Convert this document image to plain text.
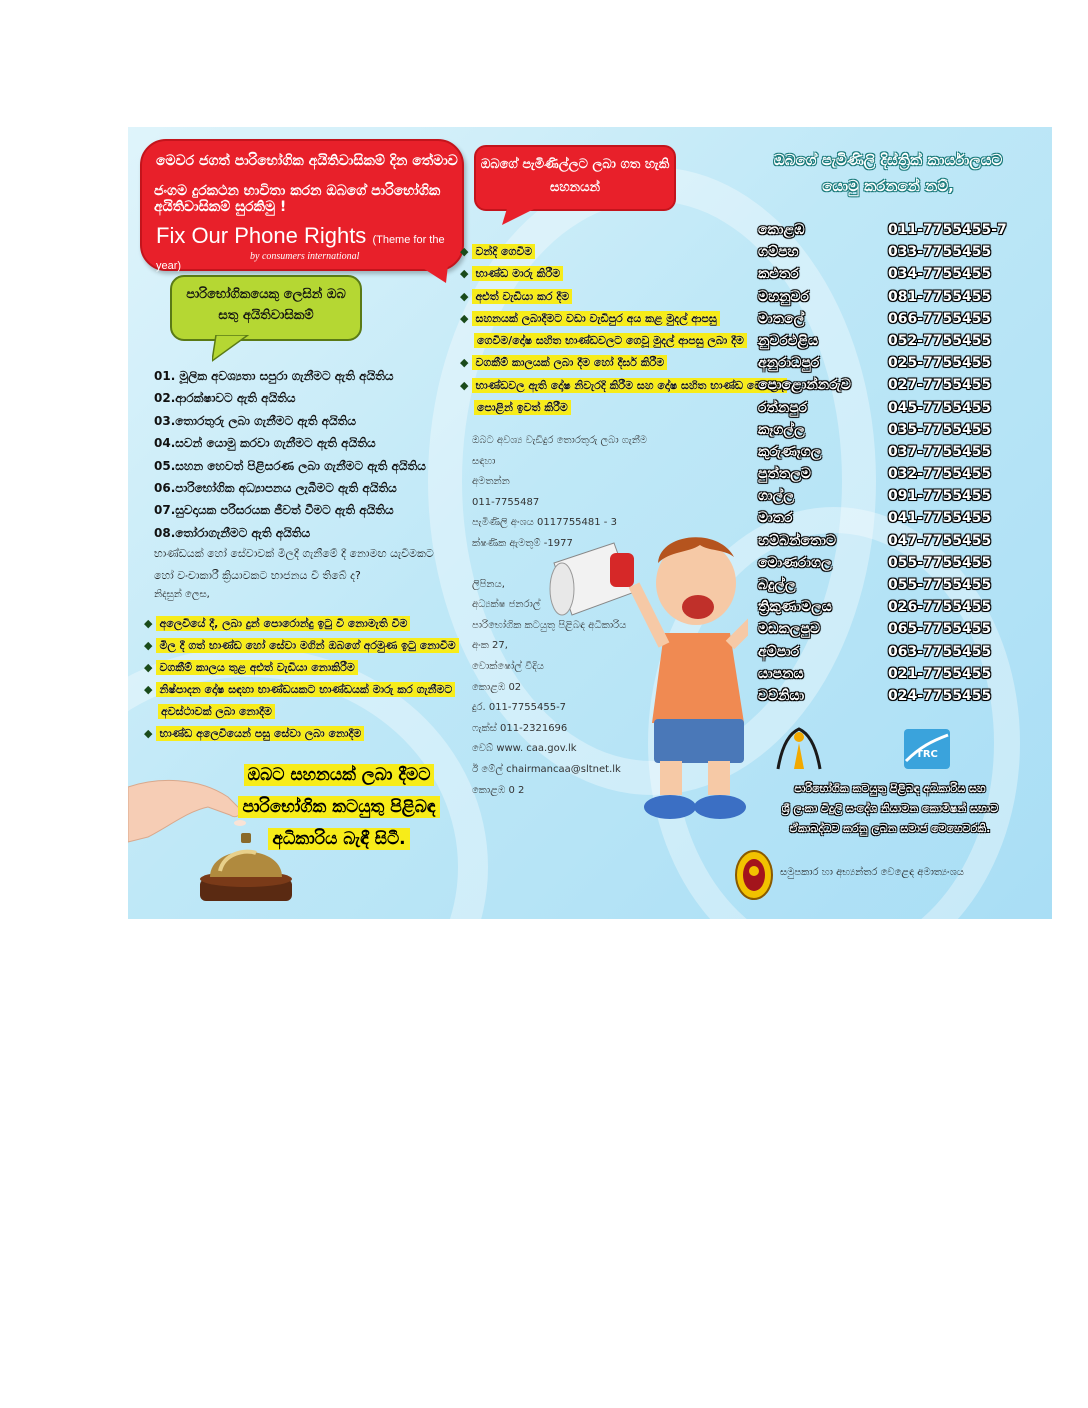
මෙවර ජගත් පාරිභෝගික අයිතිවාසිකම් දින තේමාව
ජංගම දුරකථන භාවිතා කරන ඔබගේ පාරිභෝගික අයිතිවාසිකම් සුරකිමු !
Fix Our Phone Rights (Theme for the year)
by consumers international
පාරිභෝගිකයෙකු ලෙසින් ඔබ
සතු අයිතිවාසිකම්
01. මූලික අවශ්‍යතා සපුරා ගැනීමට ඇති අයිතිය
02.ආරක්ෂාවට ඇති අයිතිය
03.තොරතුරු ලබා ගැනීමට ඇති අයිතිය
04.සවන් යොමු කරවා ගැනීමට ඇති අයිතිය
05.සහන හෙවත් පිළිසරණ ලබා ගැනීමට ඇති අයිතිය
06.පාරිභෝගික අධ්‍යාපනය ලැබීමට ඇති අයිතිය
07.සුවදායක පරිසරයක ජීවත් වීමට ඇති අයිතිය
08.තෝරාගැනීමට ඇති අයිතිය
භාණ්ඩයක් හෝ සේවාවක් මිලදී ගැනීමේ දී නොමඟ යැවීමකට හෝ වංචාකාරී ක්‍රියාවකට භාජනය වී තිබේ ද?
නිදසුන් ලෙස,
◆ අලෙවියේ දී, ලබා දුන් පොරොන්දු ඉටු වී නොමැති වීම
◆ මිල දී ගත් භාණ්ඩ හෝ සේවා මගින් ඔබගේ අරමුණ ඉටු නොවීම
◆ වගකීම් කාලය තුළ අළුත් වැඩියා නොකිරීම
◆ නිෂ්පාදන දෝෂ සඳහා භාණ්ඩයකට භාණ්ඩයක් මාරු කර ගැනීමට
අවස්ථාවක් ලබා නොදීම
◆ භාණ්ඩ අලෙවියෙන් පසු සේවා ලබා නොදීම
ඔබට සහනයක් ලබා දීමට
පාරිභෝගික කටයුතු පිළිබඳ
අධිකාරිය බැඳී සිටී.
ඔබගේ පැමිණිල්ලට ලබා ගත හැකි
සහනයන්
◆ වන්දි ගෙවීම
◆ භාණ්ඩ මාරු කිරීම
◆ අළුත් වැඩියා කර දීම
◆ සහනයක් ලබාදීමට වඩා වැඩිපුර අය කළ මුදල් ආපසු
ගෙවීම/දෝෂ සහිත භාණ්ඩවලට ගෙවූ මුදල් ආපසු ලබා දීම
◆ වගකීම් කාලයක් ලබා දීම හෝ දීර්ඝ කිරීම
◆ භාණ්ඩවල ඇති දෝෂ නිවැරදි කිරීම සහ දෝෂ සහිත භාණ්ඩ වෙළෙඳ
පොළින් ඉවත් කිරීම
ඔබට අවශ්‍ය වැඩිදුර තොරතුරු ලබා ගැනීම සඳහා
අමතන්න
011-7755487
පැමිණිලි අංශය 0117755481 - 3
ක්ෂණික ඇමතුම් -1977
ලිපිනය,
අධ්‍යක්ෂ ජනරාල්
පාරිභෝගික කටයුතු පිළිබඳ අධිකාරිය
අංක 27,
වොක්ෂෝල් වීදිය
කොළඹ 02
දුර. 011-7755455-7
ෆැක්ස් 011-2321696
වෙබ් www. caa.gov.lk
ඊ මේල් chairmancaa@sltnet.lk
කොළඹ 0 2
ඔබගේ පැමිණිලි දිස්ත්‍රික් කාර්යාලයට
යොමු කරනනේ නම්,
කොළඹ	011-7755455-7
ගම්පහ	033-7755455
කළුතර	034-7755455
මහනුවර	081-7755455
මාතලේ	066-7755455
නුවරඑළිය	052-7755455
අනුරාධපුර	025-7755455
පොළොන්නරුව	027-7755455
රත්නපුර	045-7755455
කෑගල්ල	035-7755455
කුරුණෑගල	037-7755455
පුත්තලම	032-7755455
ගාල්ල	091-7755455
මාතර	041-7755455
හම්බන්තොට	047-7755455
මොණරාගල	055-7755455
බදුල්ල	055-7755455
ත්‍රිකුණාමලය	026-7755455
මඩකලපුව	065-7755455
අම්පාර	063-7755455
යාපනය	021-7755455
වව්නියා	024-7755455
TRC
පාරිභෝගික කටයුතු පිළිබඳ අධිකාරිය සහ
ශ්‍රී ලංකා විදුලි සංදේශ නියාමන කොමිෂන් සභාව
ඒකාබද්ධව කරනු ලබන සමාජ මෙහෙවරකි.
සමුපකාර හා අභ්‍යන්තර වෙළෙඳ අමාත්‍යංශය
